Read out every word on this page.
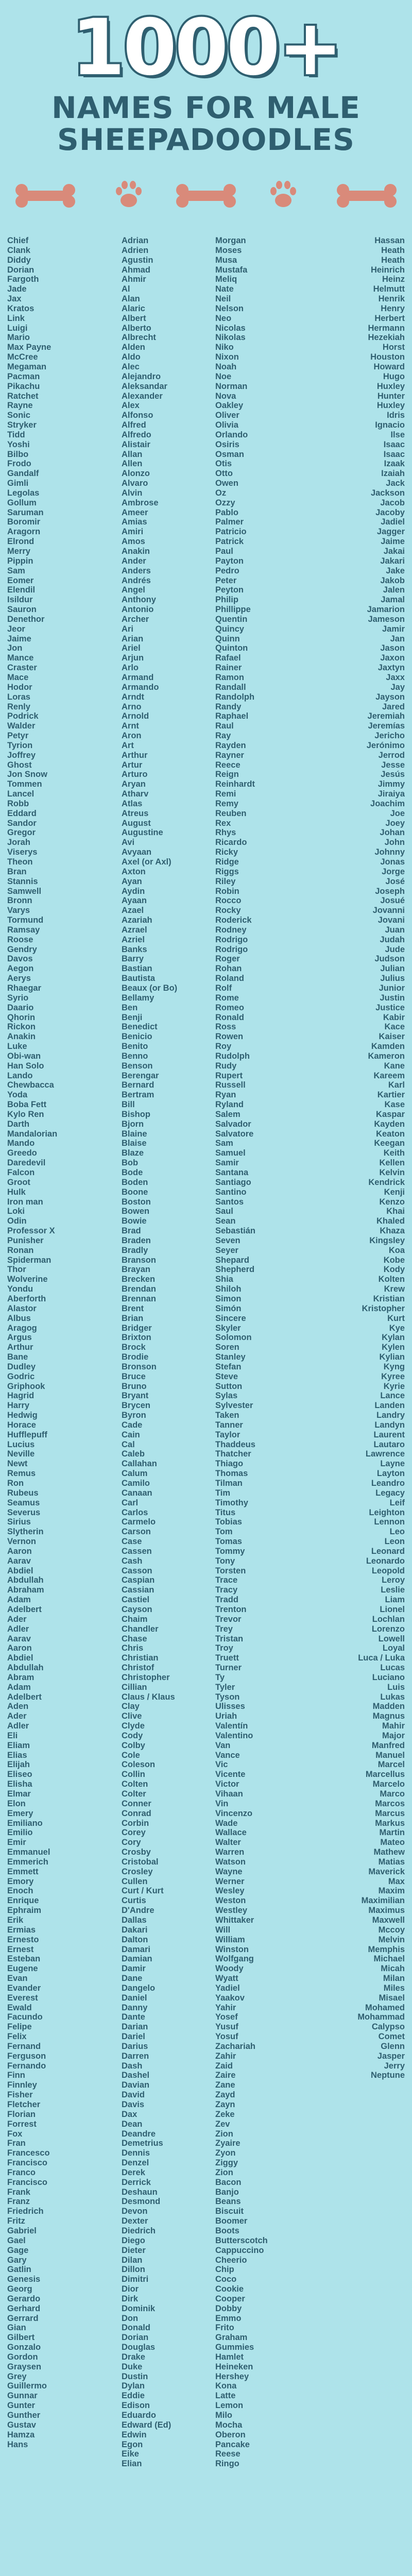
1000+
NAMES FOR MALE
SHEEPADOODLES
Chief
Clank
Diddy
Dorian
Fargoth
Jade
Jax
Kratos
Link
Luigi
Mario
Max Payne
McCree
Megaman
Pacman
Pikachu
Ratchet
Rayne
Sonic
Stryker
Tidd
Yoshi
Bilbo
Frodo
Gandalf
Gimli
Legolas
Gollum
Saruman
Boromir
Aragorn
Elrond
Merry
Pippin
Sam
Eomer
Elendil
Isildur
Sauron
Denethor
Jeor
Jaime
Jon
Mance
Craster
Mace
Hodor
Loras
Renly
Podrick
Walder
Petyr
Tyrion
Joffrey
Ghost
Jon Snow
Tommen
Lancel
Robb
Eddard
Sandor
Gregor
Jorah
Viserys
Theon
Bran
Stannis
Samwell
Bronn
Varys
Tormund
Ramsay
Roose
Gendry
Davos
Aegon
Aerys
Rhaegar
Syrio
Daario
Qhorin
Rickon
Anakin
Luke
Obi-wan
Han Solo
Lando
Chewbacca
Yoda
Boba Fett
Kylo Ren
Darth
Mandalorian
Mando
Greedo
Daredevil
Falcon
Groot
Hulk
Iron man
Loki
Odin
Professor X
Punisher
Ronan
Spiderman
Thor
Wolverine
Yondu
Aberforth
Alastor
Albus
Aragog
Argus
Arthur
Bane
Dudley
Godric
Griphook
Hagrid
Harry
Hedwig
Horace
Hufflepuff
Lucius
Neville
Newt
Remus
Ron
Rubeus
Seamus
Severus
Sirius
Slytherin
Vernon
Aaron
Aarav
Abdiel
Abdullah
Abraham
Adam
Adelbert
Ader
Adler
Aarav
Aaron
Abdiel
Abdullah
Abram
Adam
Adelbert
Aden
Ader
Adler
Eli
Eliam
Elias
Elijah
Eliseo
Elisha
Elmar
Elon
Emery
Emiliano
Emilio
Emir
Emmanuel
Emmerich
Emmett
Emory
Enoch
Enrique
Ephraim
Erik
Ermias
Ernesto
Ernest
Esteban
Eugene
Evan
Evander
Everest
Ewald
Facundo
Felipe
Felix
Fernand
Ferguson
Fernando
Finn
Finnley
Fisher
Fletcher
Florian
Forrest
Fox
Fran
Francesco
Francisco
Franco
Francisco
Frank
Franz
Friedrich
Fritz
Gabriel
Gael
Gage
Gary
Gatlin
Genesis
Georg
Gerardo
Gerhard
Gerrard
Gian
Gilbert
Gonzalo
Gordon
Graysen
Grey
Guillermo
Gunnar
Gunter
Gunther
Gustav
Hamza
Hans
Adrian
Adrien
Agustin
Ahmad
Ahmir
Al
Alan
Alaric
Albert
Alberto
Albrecht
Alden
Aldo
Alec
Alejandro
Aleksandar
Alexander
Alex
Alfonso
Alfred
Alfredo
Alistair
Allan
Allen
Alonzo
Alvaro
Alvin
Ambrose
Ameer
Amias
Amiri
Amos
Anakin
Ander
Anders
Andrés
Angel
Anthony
Antonio
Archer
Ari
Arian
Ariel
Arjun
Arlo
Armand
Armando
Arndt
Arno
Arnold
Arnt
Aron
Art
Arthur
Artur
Arturo
Aryan
Atharv
Atlas
Atreus
August
Augustine
Avi
Avyaan
Axel (or Axl)
Axton
Ayan
Aydin
Ayaan
Azael
Azariah
Azrael
Azriel
Banks
Barry
Bastian
Bautista
Beaux (or Bo)
Bellamy
Ben
Benji
Benedict
Benicio
Benito
Benno
Benson
Berengar
Bernard
Bertram
Bill
Bishop
Bjorn
Blaine
Blaise
Blaze
Bob
Bode
Boden
Boone
Boston
Bowen
Bowie
Brad
Braden
Bradly
Branson
Brayan
Brecken
Brendan
Brennan
Brent
Brian
Bridger
Brixton
Brock
Brodie
Bronson
Bruce
Bruno
Bryant
Brycen
Byron
Cade
Cain
Cal
Caleb
Callahan
Calum
Camilo
Canaan
Carl
Carlos
Carmelo
Carson
Case
Cassen
Cash
Casson
Caspian
Cassian
Castiel
Cayson
Chaim
Chandler
Chase
Chris
Christian
Christof
Christopher
Cillian
Claus / Klaus
Clay
Clive
Clyde
Cody
Colby
Cole
Coleson
Collin
Colten
Colter
Conner
Conrad
Corbin
Corey
Cory
Crosby
Cristobal
Crosley
Cullen
Curt / Kurt
Curtis
D'Andre
Dallas
Dakari
Dalton
Damari
Damian
Damir
Dane
Dangelo
Daniel
Danny
Dante
Darian
Dariel
Darius
Darren
Dash
Dashel
Davian
David
Davis
Dax
Dean
Deandre
Demetrius
Dennis
Denzel
Derek
Derrick
Deshaun
Desmond
Devon
Dexter
Diedrich
Diego
Dieter
Dilan
Dillon
Dimitri
Dior
Dirk
Dominik
Don
Donald
Dorian
Douglas
Drake
Duke
Dustin
Dylan
Eddie
Edison
Eduardo
Edward (Ed)
Edwin
Egon
Eike
Elian
Morgan
Moses
Musa
Mustafa
Meliq
Nate
Neil
Nelson
Neo
Nicolas
Nikolas
Niko
Nixon
Noah
Noe
Norman
Nova
Oakley
Oliver
Olivia
Orlando
Osiris
Osman
Otis
Otto
Owen
Oz
Ozzy
Pablo
Palmer
Patricio
Patrick
Paul
Payton
Pedro
Peter
Peyton
Philip
Phillippe
Quentin
Quincy
Quinn
Quinton
Rafael
Rainer
Ramon
Randall
Randolph
Randy
Raphael
Raul
Ray
Rayden
Rayner
Reece
Reign
Reinhardt
Remi
Remy
Reuben
Rex
Rhys
Ricardo
Ricky
Ridge
Riggs
Riley
Robin
Rocco
Rocky
Roderick
Rodney
Rodrigo
Rodrigo
Roger
Rohan
Roland
Rolf
Rome
Romeo
Ronald
Ross
Rowen
Roy
Rudolph
Rudy
Rupert
Russell
Ryan
Ryland
Salem
Salvador
Salvatore
Sam
Samuel
Samir
Santana
Santiago
Santino
Santos
Saul
Sean
Sebastián
Seven
Seyer
Shepard
Shepherd
Shia
Shiloh
Simon
Simón
Sincere
Skyler
Solomon
Soren
Stanley
Stefan
Steve
Sutton
Sylas
Sylvester
Taken
Tanner
Taylor
Thaddeus
Thatcher
Thiago
Thomas
Tilman
Tim
Timothy
Titus
Tobias
Tom
Tomas
Tommy
Tony
Torsten
Trace
Tracy
Tradd
Trenton
Trevor
Trey
Tristan
Troy
Truett
Turner
Ty
Tyler
Tyson
Ulisses
Uriah
Valentín
Valentino
Van
Vance
Vic
Vicente
Victor
Vihaan
Vin
Vincenzo
Wade
Wallace
Walter
Warren
Watson
Wayne
Werner
Wesley
Weston
Westley
Whittaker
Will
William
Winston
Wolfgang
Woody
Wyatt
Yadiel
Yaakov
Yahir
Yosef
Yusuf
Yosuf
Zachariah
Zahir
Zaid
Zaire
Zane
Zayd
Zayn
Zeke
Zev
Zion
Zyaire
Zyon
Ziggy
Zion
Bacon
Banjo
Beans
Biscuit
Boomer
Boots
Butterscotch
Cappuccino
Cheerio
Chip
Coco
Cookie
Cooper
Dobby
Emmo
Frito
Graham
Gummies
Hamlet
Heineken
Hershey
Kona
Latte
Lemon
Milo
Mocha
Oberon
Pancake
Reese
Ringo
Hassan
Heath
Heath
Heinrich
Heinz
Helmutt
Henrik
Henry
Herbert
Hermann
Hezekiah
Horst
Houston
Howard
Hugo
Huxley
Hunter
Huxley
Idris
Ignacio
Ilse
Isaac
Isaac
Izaak
Izaiah
Jack
Jackson
Jacob
Jacoby
Jadiel
Jagger
Jaime
Jakai
Jakari
Jake
Jakob
Jalen
Jamal
Jamarion
Jameson
Jamir
Jan
Jason
Jaxon
Jaxtyn
Jaxx
Jay
Jayson
Jared
Jeremiah
Jeremías
Jericho
Jerónimo
Jerrod
Jesse
Jesús
Jimmy
Jiraiya
Joachim
Joe
Joey
Johan
John
Johnny
Jonas
Jorge
José
Joseph
Josué
Jovanni
Jovani
Juan
Judah
Jude
Judson
Julian
Julius
Junior
Justin
Justice
Kabir
Kace
Kaiser
Kamden
Kameron
Kane
Kareem
Karl
Kartier
Kase
Kaspar
Kayden
Keaton
Keegan
Keith
Kellen
Kelvin
Kendrick
Kenji
Kenzo
Khai
Khaled
Khaza
Kingsley
Koa
Kobe
Kody
Kolten
Krew
Kristian
Kristopher
Kurt
Kye
Kylan
Kylen
Kylian
Kyng
Kyree
Kyrie
Lance
Landen
Landry
Landyn
Laurent
Lautaro
Lawrence
Layne
Layton
Leandro
Legacy
Leif
Leighton
Lennon
Leo
Leon
Leonard
Leonardo
Leopold
Leroy
Leslie
Liam
Lionel
Lochlan
Lorenzo
Lowell
Loyal
Luca / Luka
Lucas
Luciano
Luis
Lukas
Madden
Magnus
Mahir
Major
Manfred
Manuel
Marcel
Marcellus
Marcelo
Marco
Marcos
Marcus
Markus
Martin
Mateo
Mathew
Matias
Maverick
Max
Maxim
Maximilian
Maximus
Maxwell
Mccoy
Melvin
Memphis
Michael
Micah
Milan
Miles
Misael
Mohamed
Mohammad
Calypso
Comet
Glenn
Jasper
Jerry
Neptune
